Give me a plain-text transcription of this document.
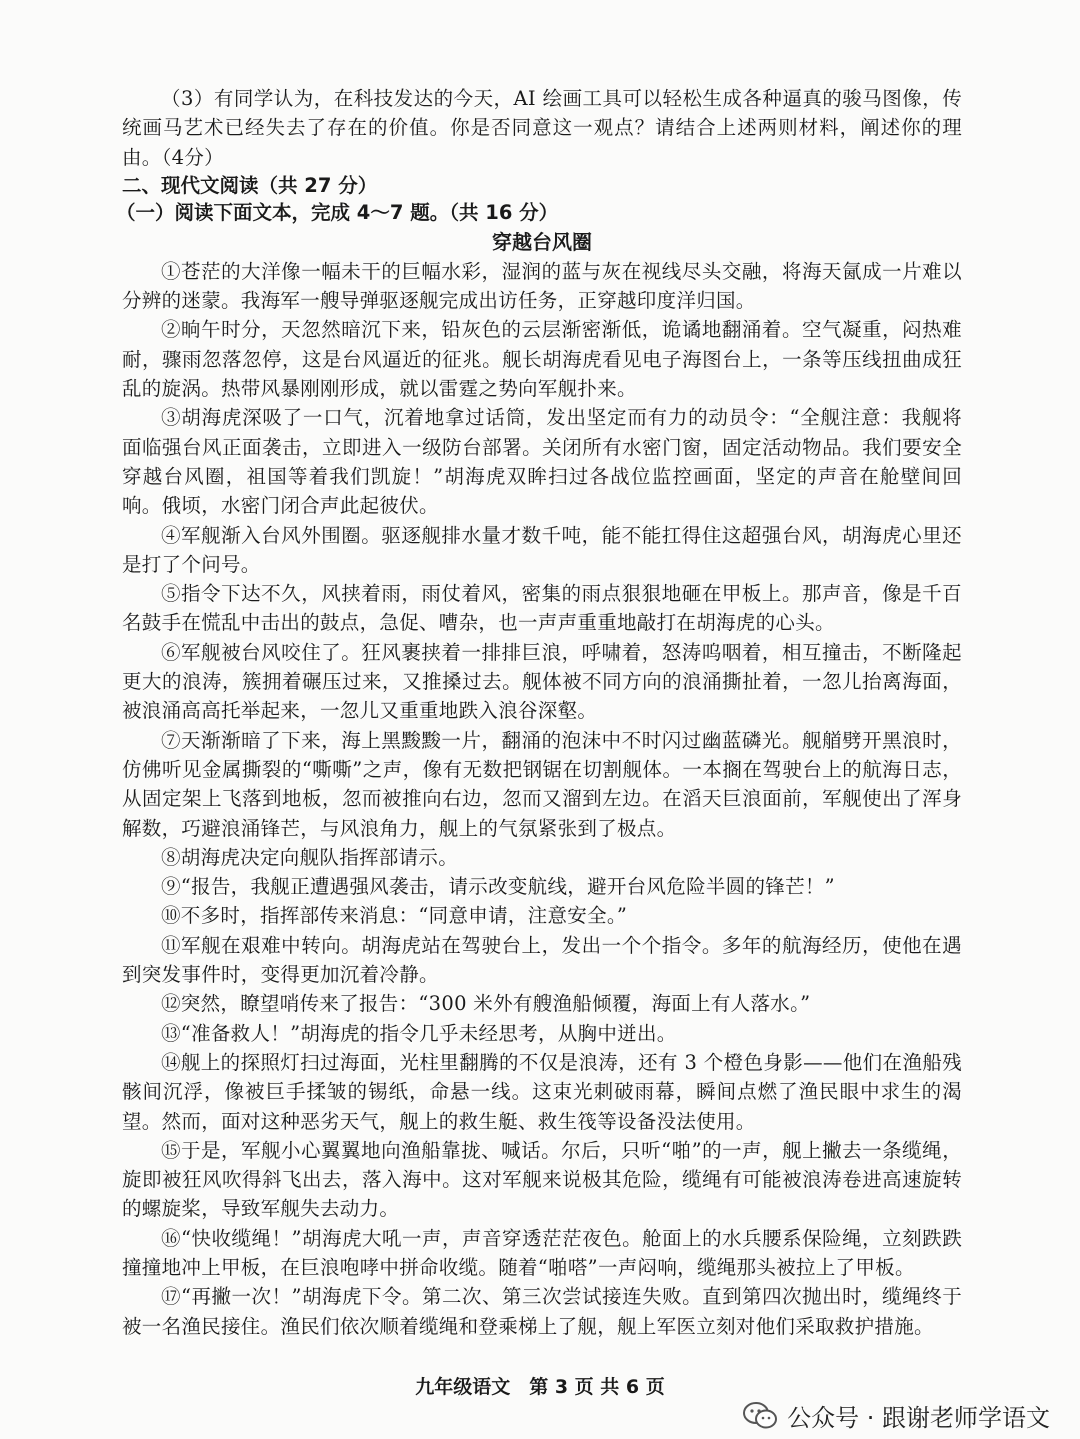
（3）有同学认为，在科技发达的今天，AI 绘画工具可以轻松生成各种逼真的骏马图像，传统画马艺术已经失去了存在的价值。你是否同意这一观点？请结合上述两则材料，阐述你的理由。（4分）

二、现代文阅读（共 27 分）

（一）阅读下面文本，完成 4～7 题。（共 16 分）

穿越台风圈

①苍茫的大洋像一幅未干的巨幅水彩，湿润的蓝与灰在视线尽头交融，将海天氤成一片难以分辨的迷蒙。我海军一艘导弹驱逐舰完成出访任务，正穿越印度洋归国。

②晌午时分，天忽然暗沉下来，铅灰色的云层渐密渐低，诡谲地翻涌着。空气凝重，闷热难耐，骤雨忽落忽停，这是台风逼近的征兆。舰长胡海虎看见电子海图台上，一条等压线扭曲成狂乱的旋涡。热带风暴刚刚形成，就以雷霆之势向军舰扑来。

③胡海虎深吸了一口气，沉着地拿过话筒，发出坚定而有力的动员令：“全舰注意：我舰将面临强台风正面袭击，立即进入一级防台部署。关闭所有水密门窗，固定活动物品。我们要安全穿越台风圈，祖国等着我们凯旋！”胡海虎双眸扫过各战位监控画面，坚定的声音在舱壁间回响。俄顷，水密门闭合声此起彼伏。

④军舰渐入台风外围圈。驱逐舰排水量才数千吨，能不能扛得住这超强台风，胡海虎心里还是打了个问号。

⑤指令下达不久，风挟着雨，雨仗着风，密集的雨点狠狠地砸在甲板上。那声音，像是千百名鼓手在慌乱中击出的鼓点，急促、嘈杂，也一声声重重地敲打在胡海虎的心头。

⑥军舰被台风咬住了。狂风裹挟着一排排巨浪，呼啸着，怒涛呜咽着，相互撞击，不断隆起更大的浪涛，簇拥着碾压过来，又推搡过去。舰体被不同方向的浪涌撕扯着，一忽儿抬离海面，被浪涌高高托举起来，一忽儿又重重地跌入浪谷深壑。

⑦天渐渐暗了下来，海上黑黢黢一片，翻涌的泡沫中不时闪过幽蓝磷光。舰艏劈开黑浪时，仿佛听见金属撕裂的“嘶嘶”之声，像有无数把钢锯在切割舰体。一本搁在驾驶台上的航海日志，从固定架上飞落到地板，忽而被推向右边，忽而又溜到左边。在滔天巨浪面前，军舰使出了浑身解数，巧避浪涌锋芒，与风浪角力，舰上的气氛紧张到了极点。

⑧胡海虎决定向舰队指挥部请示。

⑨“报告，我舰正遭遇强风袭击，请示改变航线，避开台风危险半圆的锋芒！”

⑩不多时，指挥部传来消息：“同意申请，注意安全。”

⑪军舰在艰难中转向。胡海虎站在驾驶台上，发出一个个指令。多年的航海经历，使他在遇到突发事件时，变得更加沉着冷静。

⑫突然，瞭望哨传来了报告：“300 米外有艘渔船倾覆，海面上有人落水。”

⑬“准备救人！”胡海虎的指令几乎未经思考，从胸中迸出。

⑭舰上的探照灯扫过海面，光柱里翻腾的不仅是浪涛，还有 3 个橙色身影——他们在渔船残骸间沉浮，像被巨手揉皱的锡纸，命悬一线。这束光刺破雨幕，瞬间点燃了渔民眼中求生的渴望。然而，面对这种恶劣天气，舰上的救生艇、救生筏等设备没法使用。

⑮于是，军舰小心翼翼地向渔船靠拢、喊话。尔后，只听“啪”的一声，舰上撇去一条缆绳，旋即被狂风吹得斜飞出去，落入海中。这对军舰来说极其危险，缆绳有可能被浪涛卷进高速旋转的螺旋桨，导致军舰失去动力。

⑯“快收缆绳！”胡海虎大吼一声，声音穿透茫茫夜色。舱面上的水兵腰系保险绳，立刻跌跌撞撞地冲上甲板，在巨浪咆哮中拼命收缆。随着“啪嗒”一声闷响，缆绳那头被拉上了甲板。

⑰“再撇一次！”胡海虎下令。第二次、第三次尝试接连失败。直到第四次抛出时，缆绳终于被一名渔民接住。渔民们依次顺着缆绳和登乘梯上了舰，舰上军医立刻对他们采取救护措施。

九年级语文　第 3 页 共 6 页
公众号 · 跟谢老师学语文
